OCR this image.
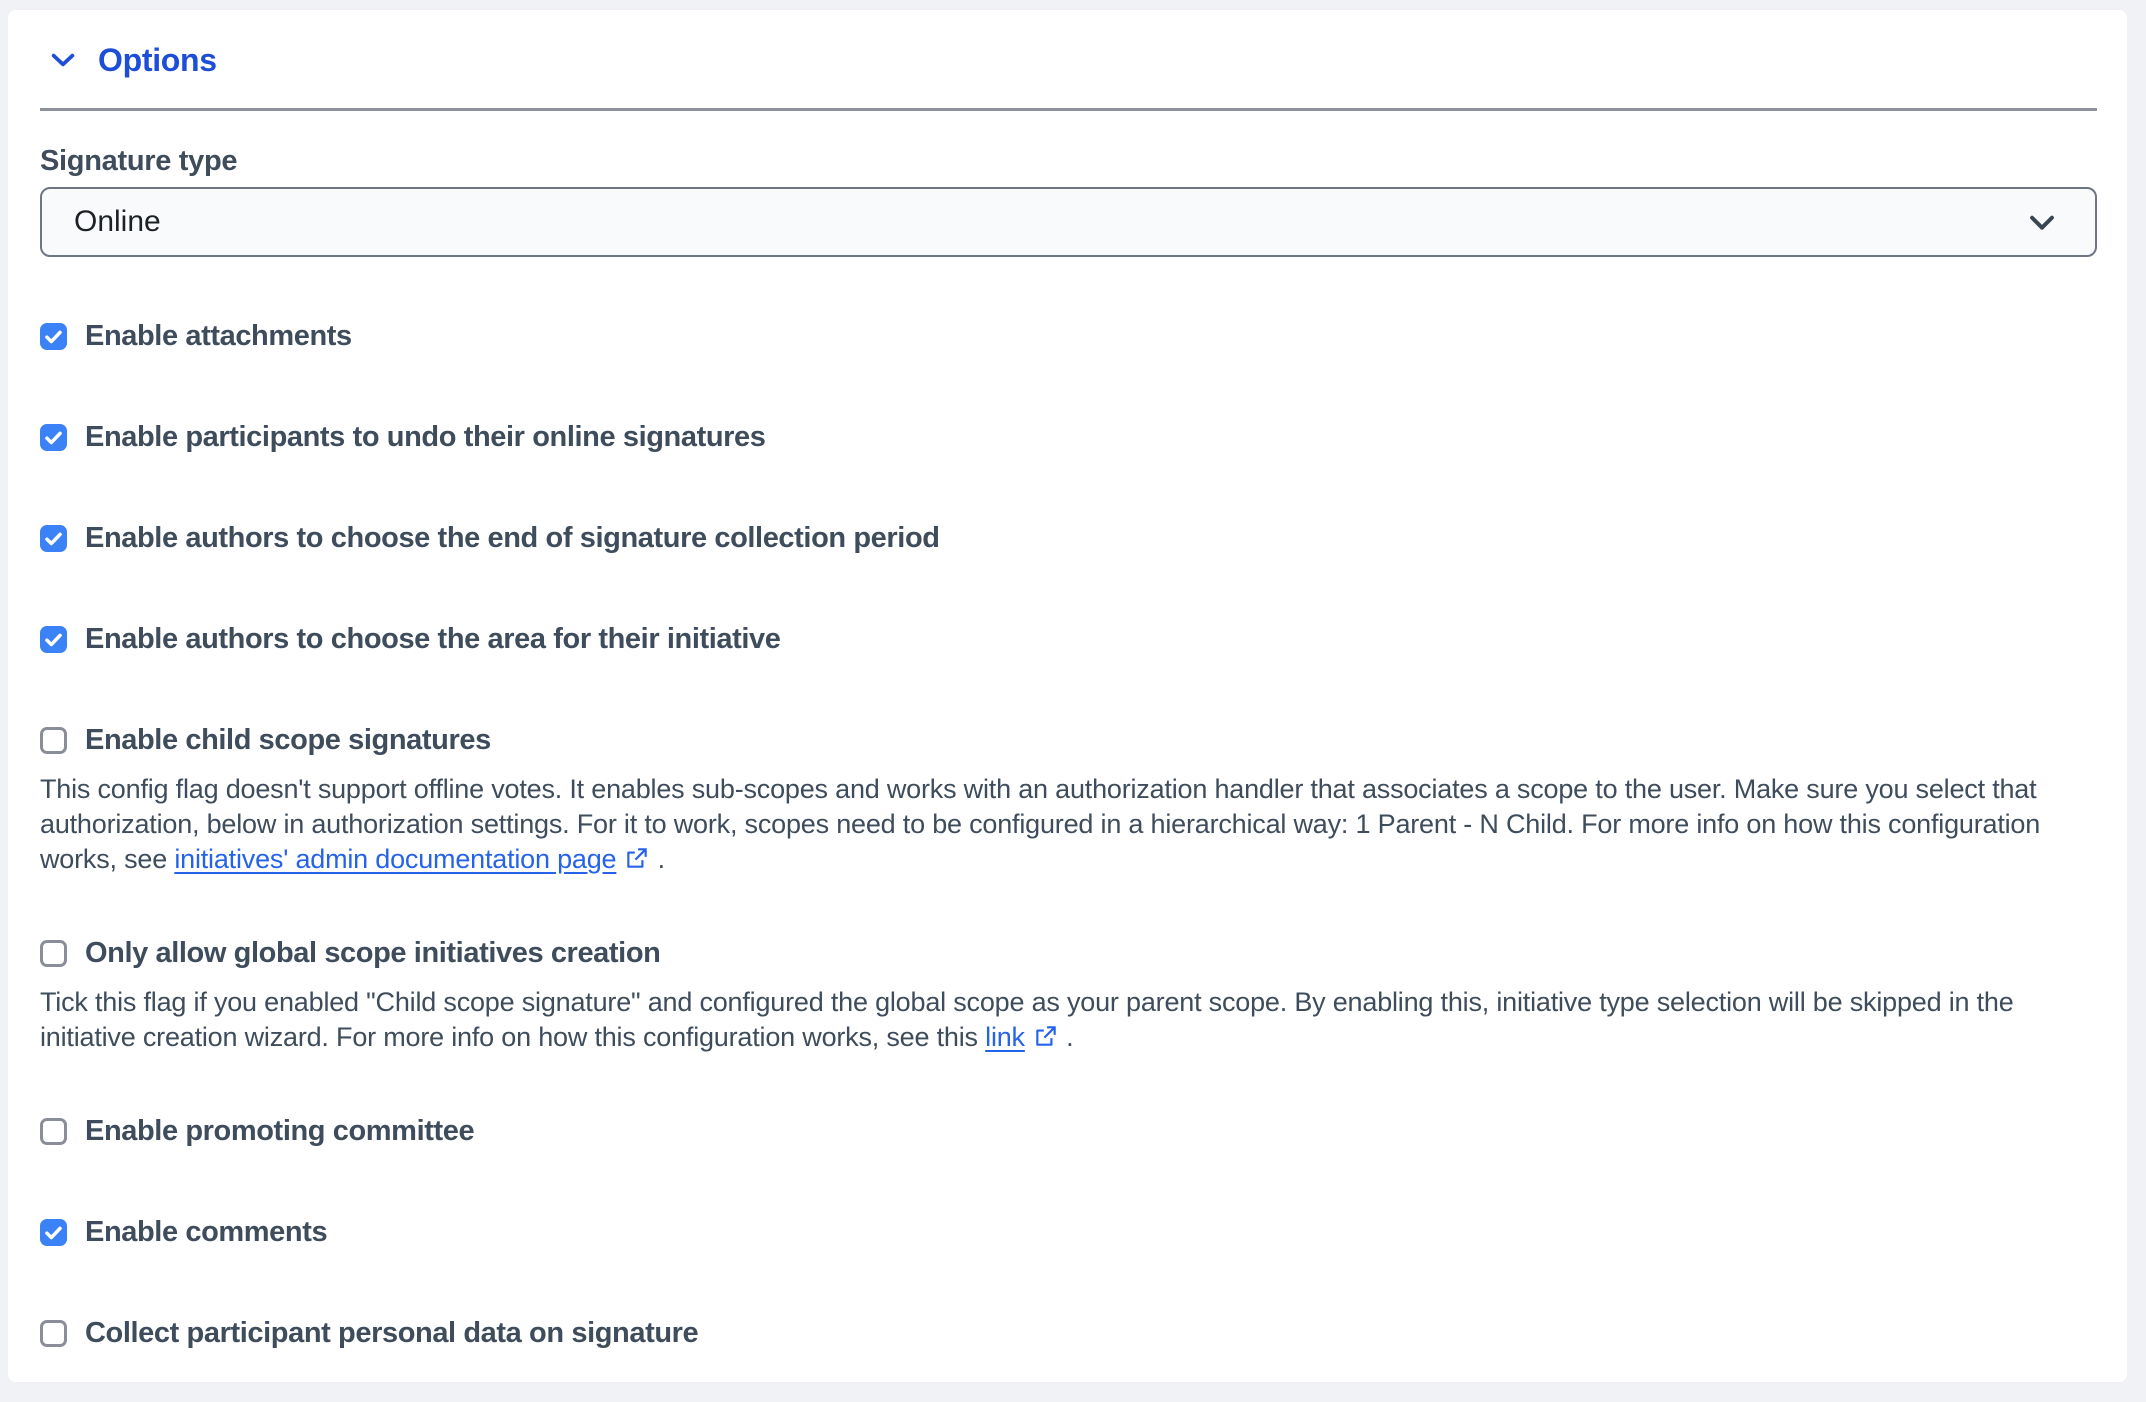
Options
Signature type
Online
Enable attachments
Enable participants to undo their online signatures
Enable authors to choose the end of signature collection period
Enable authors to choose the area for their initiative
Enable child scope signatures

This config flag doesn't support offline votes. It enables sub-scopes and works with an authorization handler that associates a scope to the user. Make sure you select that authorization, below in authorization settings. For it to work, scopes need to be configured in a hierarchical way: 1 Parent - N Child. For more info on how this configuration works, see initiatives' admin documentation page .

Only allow global scope initiatives creation

Tick this flag if you enabled "Child scope signature" and configured the global scope as your parent scope. By enabling this, initiative type selection will be skipped in the initiative creation wizard. For more info on how this configuration works, see this link .

Enable promoting committee
Enable comments
Collect participant personal data on signature
